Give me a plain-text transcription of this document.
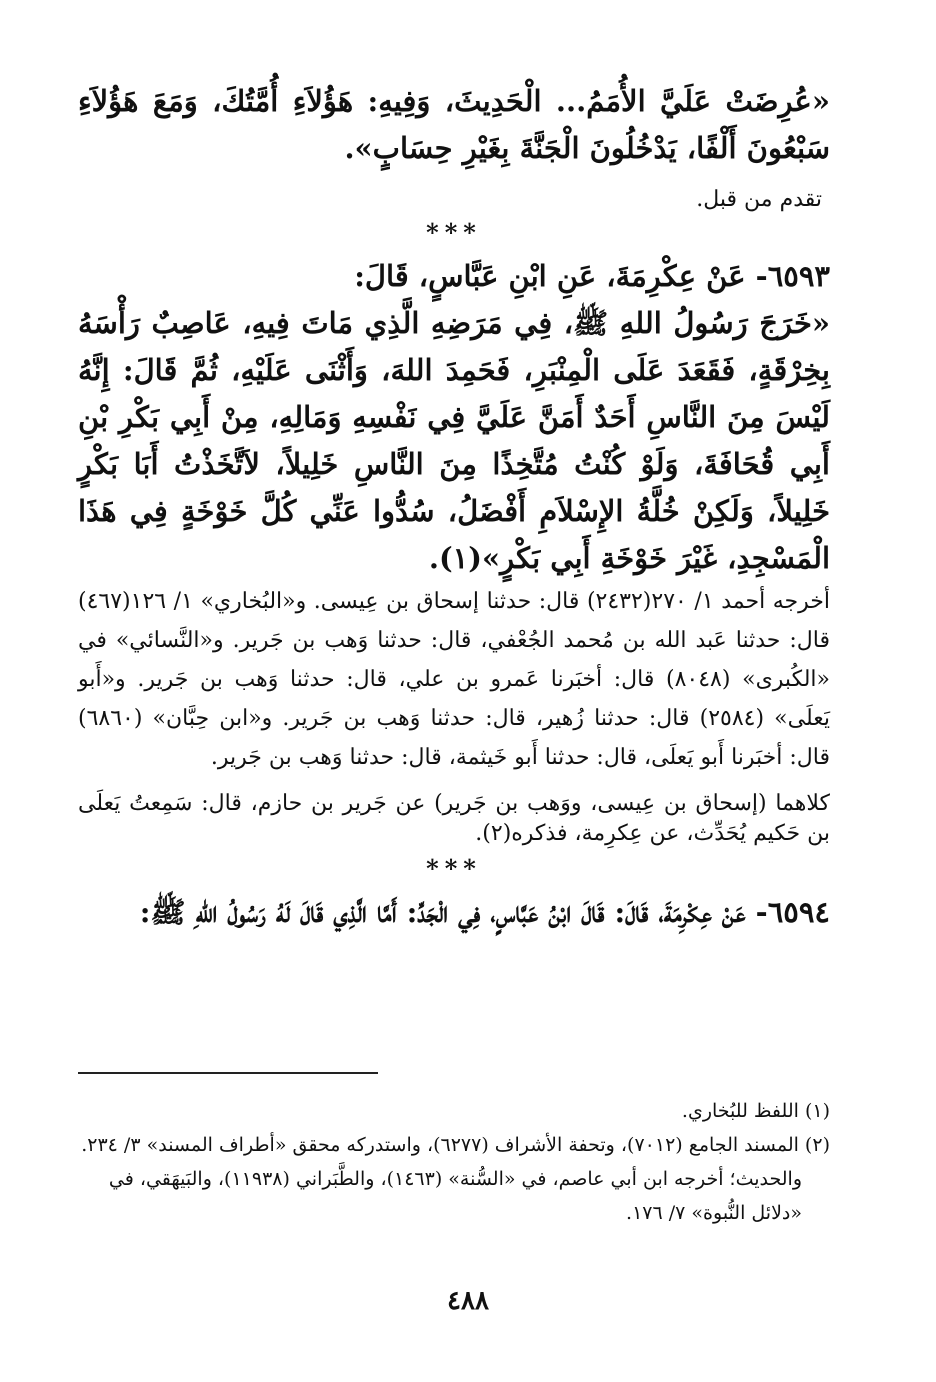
«عُرِضَتْ عَلَيَّ الأُمَمُ... الْحَدِيثَ، وَفِيهِ: هَؤُلاَءِ أُمَّتُكَ، وَمَعَ هَؤُلاَءِ سَبْعُونَ أَلْفًا، يَدْخُلُونَ الْجَنَّةَ بِغَيْرِ حِسَابٍ».

تقدم من قبل.

***

٦٥٩٣- عَنْ عِكْرِمَةَ، عَنِ ابْنِ عَبَّاسٍ، قَالَ:

«خَرَجَ رَسُولُ اللهِ ﷺ، فِي مَرَضِهِ الَّذِي مَاتَ فِيهِ، عَاصِبٌ رَأْسَهُ بِخِرْقَةٍ، فَقَعَدَ عَلَى الْمِنْبَرِ، فَحَمِدَ اللهَ، وَأَثْنَى عَلَيْهِ، ثُمَّ قَالَ: إِنَّهُ لَيْسَ مِنَ النَّاسِ أَحَدٌ أَمَنَّ عَلَيَّ فِي نَفْسِهِ وَمَالِهِ، مِنْ أَبِي بَكْرِ بْنِ أَبِي قُحَافَةَ، وَلَوْ كُنْتُ مُتَّخِذًا مِنَ النَّاسِ خَلِيلاً، لاَتَّخَذْتُ أَبَا بَكْرٍ خَلِيلاً، وَلَكِنْ خُلَّةُ الإِسْلاَمِ أَفْضَلُ، سُدُّوا عَنِّي كُلَّ خَوْخَةٍ فِي هَذَا الْمَسْجِدِ، غَيْرَ خَوْخَةِ أَبِي بَكْرٍ»(١).

أخرجه أحمد ١/ ٢٧٠(٢٤٣٢) قال: حدثنا إسحاق بن عِيسى. و«البُخاري» ١/ ١٢٦(٤٦٧) قال: حدثنا عَبد الله بن مُحمد الجُعْفي، قال: حدثنا وَهب بن جَرير. و«النَّسائي» في «الكُبرى» (٨٠٤٨) قال: أخبَرنا عَمرو بن علي، قال: حدثنا وَهب بن جَرير. و«أَبو يَعلَى» (٢٥٨٤) قال: حدثنا زُهير، قال: حدثنا وَهب بن جَرير. و«ابن حِبَّان» (٦٨٦٠) قال: أخبَرنا أَبو يَعلَى، قال: حدثنا أَبو خَيثمة، قال: حدثنا وَهب بن جَرير.

كلاهما (إسحاق بن عِيسى، ووَهب بن جَرير) عن جَرير بن حازم، قال: سَمِعتُ يَعلَى بن حَكيم يُحَدِّث، عن عِكرِمة، فذكره(٢).

***

٦٥٩٤- عَنْ عِكْرِمَةَ، قَالَ: قَالَ ابْنُ عَبَّاسٍ، فِي الْجَدِّ: أَمَّا الَّذِي قَالَ لَهُ رَسُولُ اللهِ ﷺ:

(١) اللفظ للبُخاري.

(٢) المسند الجامع (٧٠١٢)، وتحفة الأشراف (٦٢٧٧)، واستدركه محقق «أطراف المسند» ٣/ ٢٣٤.

والحديث؛ أخرجه ابن أبي عاصم، في «السُّنة» (١٤٦٣)، والطَّبَراني (١١٩٣٨)، والبَيهَقي، في «دلائل النُّبوة» ٧/ ١٧٦.

٤٨٨
